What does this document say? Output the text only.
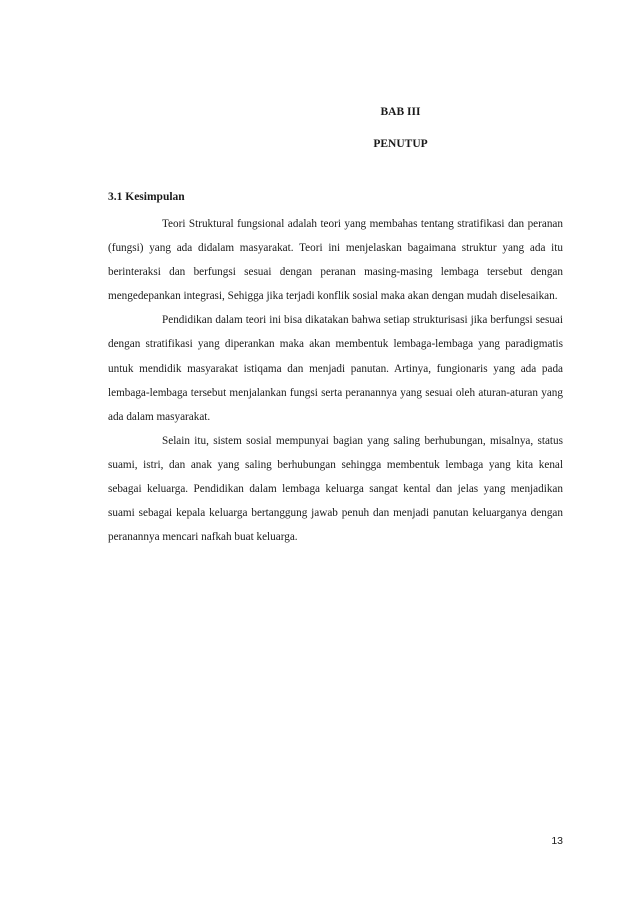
BAB III
PENUTUP
3.1 Kesimpulan

Teori Struktural fungsional adalah teori yang membahas tentang stratifikasi dan peranan (fungsi) yang ada didalam masyarakat. Teori ini menjelaskan bagaimana struktur yang ada itu berinteraksi dan berfungsi sesuai dengan peranan masing-masing lembaga tersebut dengan mengedepankan integrasi, Sehigga jika terjadi konflik sosial maka akan dengan mudah diselesaikan.

Pendidikan dalam teori ini bisa dikatakan bahwa setiap strukturisasi jika berfungsi sesuai dengan stratifikasi yang diperankan maka akan membentuk lembaga-lembaga yang paradigmatis untuk mendidik masyarakat istiqama dan menjadi panutan. Artinya, fungionaris yang ada pada lembaga-lembaga tersebut menjalankan fungsi serta peranannya yang sesuai oleh aturan-aturan yang ada dalam masyarakat.

Selain itu, sistem sosial mempunyai bagian yang saling berhubungan, misalnya, status suami, istri, dan anak yang saling berhubungan sehingga membentuk lembaga yang kita kenal sebagai keluarga. Pendidikan dalam lembaga keluarga sangat kental dan jelas yang menjadikan suami sebagai kepala keluarga bertanggung jawab penuh dan menjadi panutan keluarganya dengan peranannya mencari nafkah buat keluarga.

13
